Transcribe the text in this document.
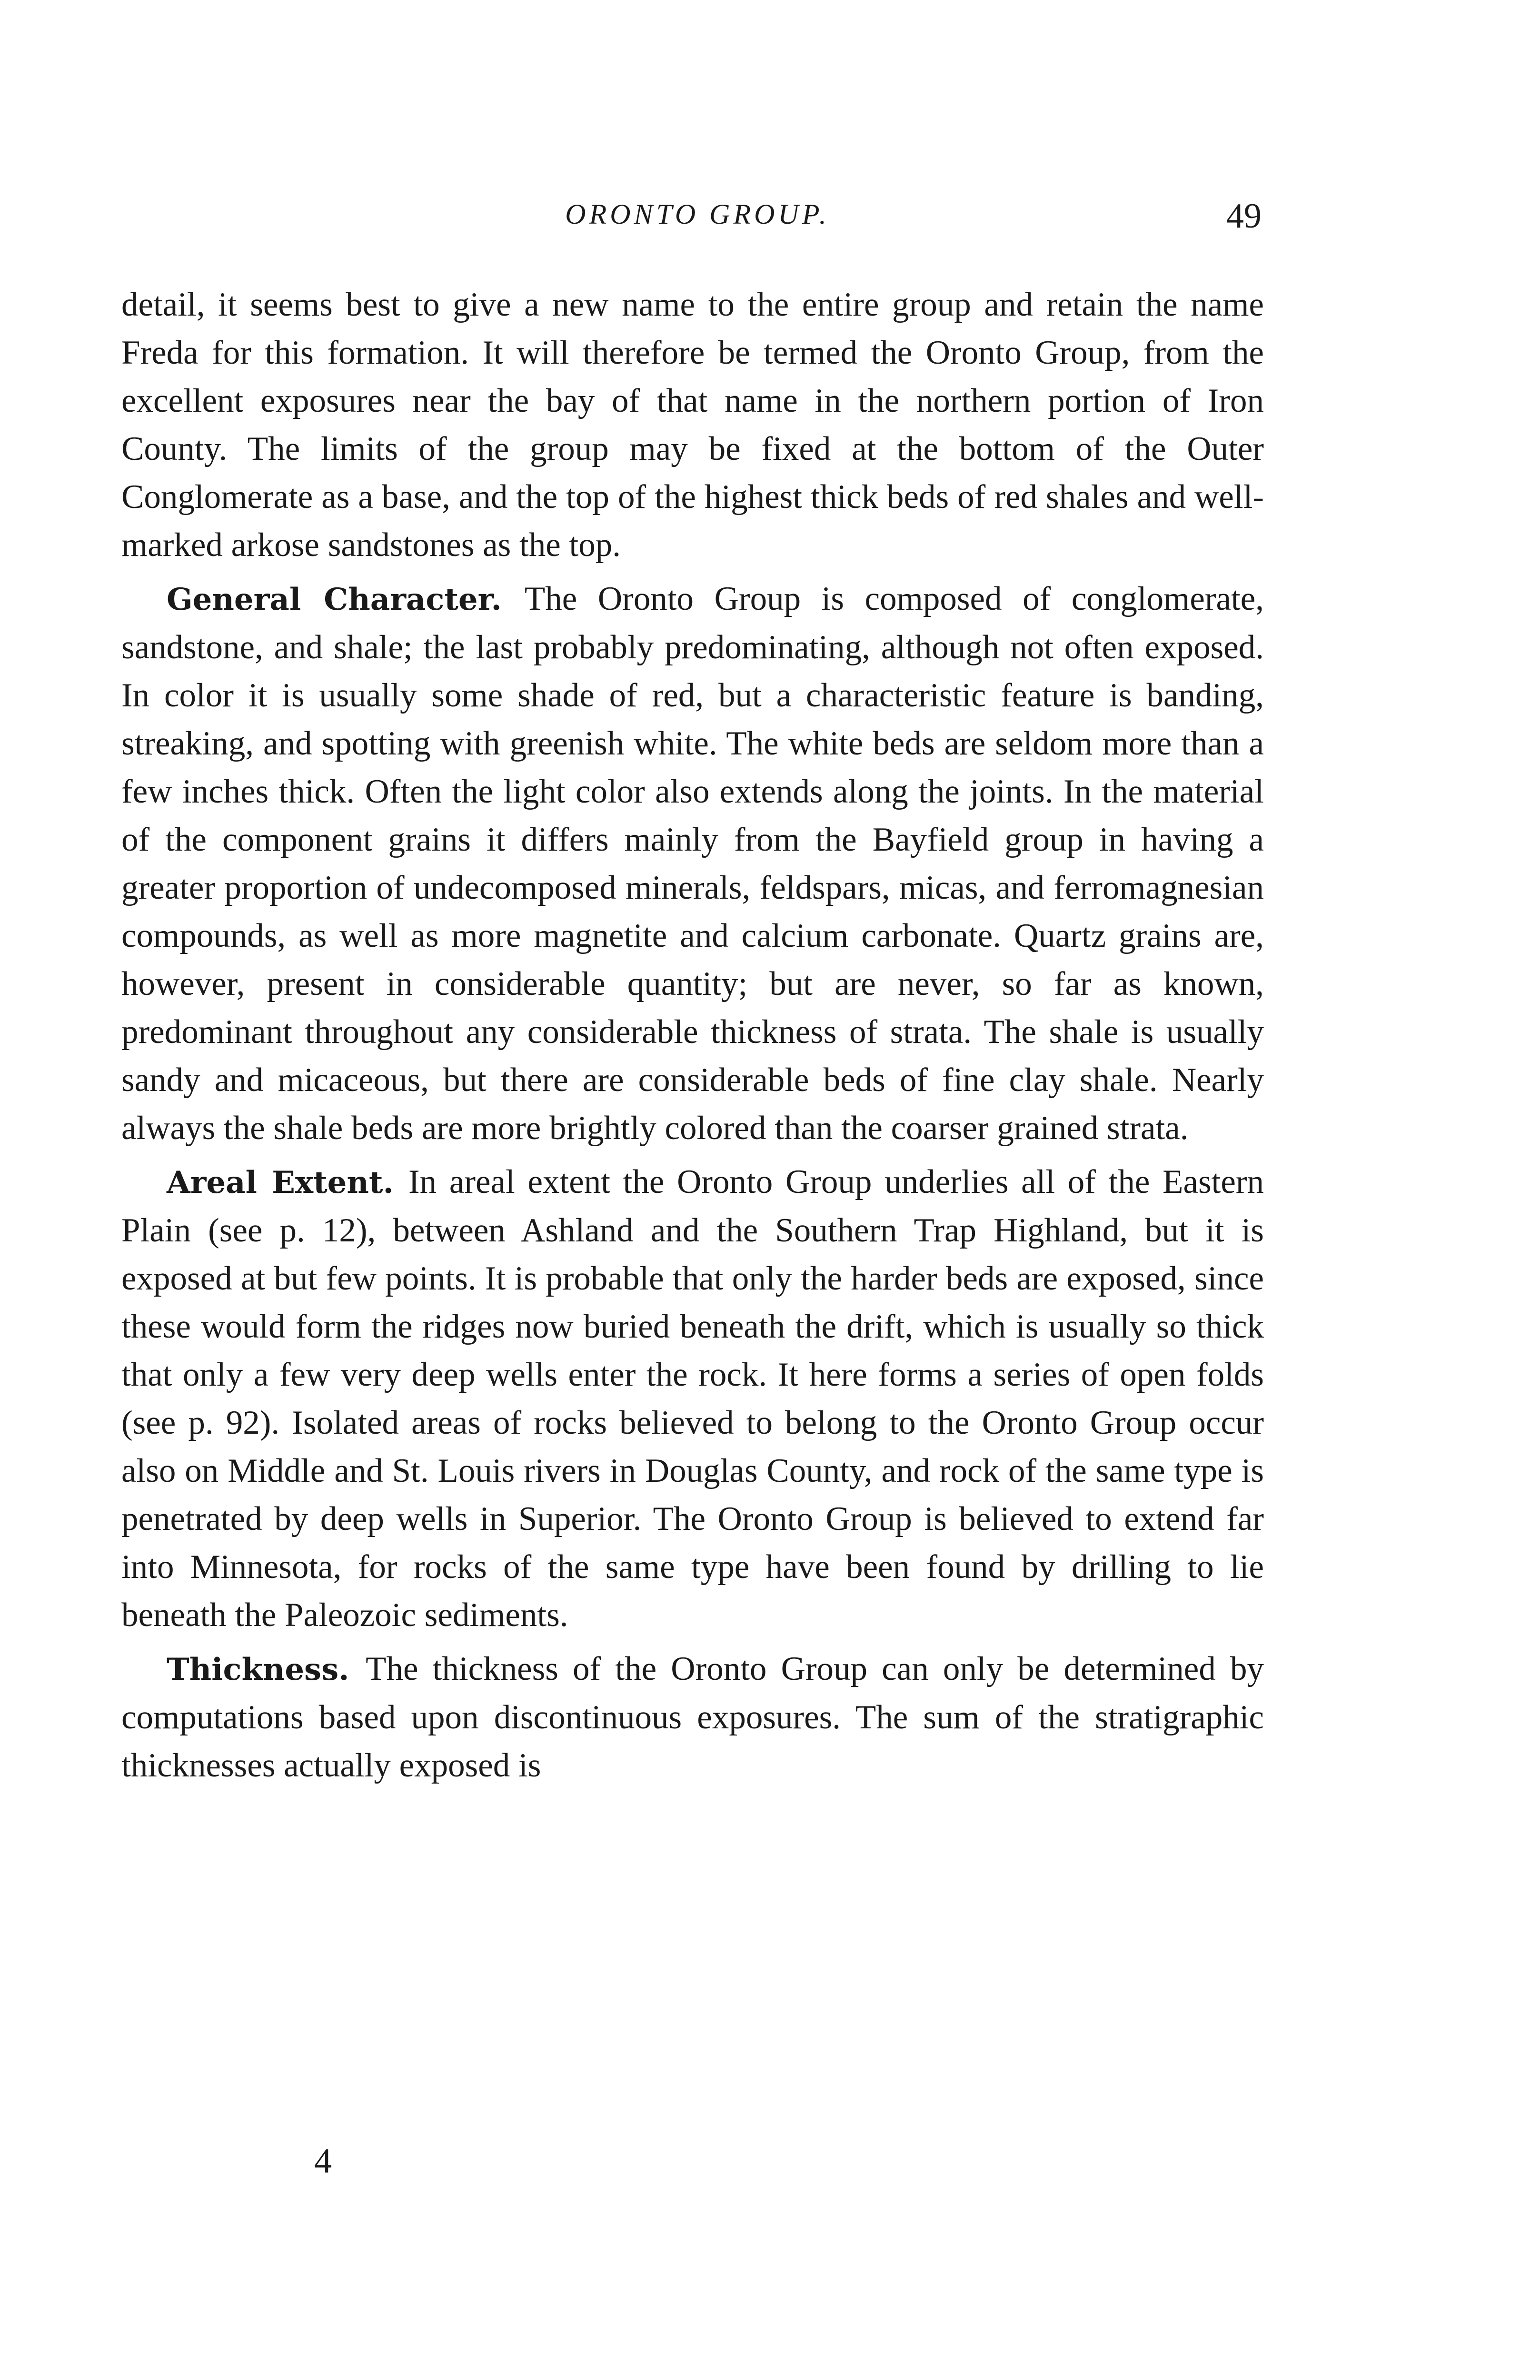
ORONTO GROUP.	49

detail, it seems best to give a new name to the entire group and retain the name Freda for this formation. It will therefore be termed the Oronto Group, from the excellent exposures near the bay of that name in the northern portion of Iron County. The limits of the group may be fixed at the bottom of the Outer Conglomerate as a base, and the top of the highest thick beds of red shales and well-marked arkose sandstones as the top.

General Character. The Oronto Group is composed of conglomerate, sandstone, and shale; the last probably predominating, although not often exposed. In color it is usually some shade of red, but a characteristic feature is banding, streaking, and spotting with greenish white. The white beds are seldom more than a few inches thick. Often the light color also extends along the joints. In the material of the component grains it differs mainly from the Bayfield group in having a greater proportion of undecomposed minerals, feldspars, micas, and ferromagnesian compounds, as well as more magnetite and calcium carbonate. Quartz grains are, however, present in considerable quantity; but are never, so far as known, predominant throughout any considerable thickness of strata. The shale is usually sandy and micaceous, but there are considerable beds of fine clay shale. Nearly always the shale beds are more brightly colored than the coarser grained strata.

Areal Extent. In areal extent the Oronto Group underlies all of the Eastern Plain (see p. 12), between Ashland and the Southern Trap Highland, but it is exposed at but few points. It is probable that only the harder beds are exposed, since these would form the ridges now buried beneath the drift, which is usually so thick that only a few very deep wells enter the rock. It here forms a series of open folds (see p. 92). Isolated areas of rocks believed to belong to the Oronto Group occur also on Middle and St. Louis rivers in Douglas County, and rock of the same type is penetrated by deep wells in Superior. The Oronto Group is believed to extend far into Minnesota, for rocks of the same type have been found by drilling to lie beneath the Paleozoic sediments.

Thickness. The thickness of the Oronto Group can only be determined by computations based upon discontinuous exposures. The sum of the stratigraphic thicknesses actually exposed is

4
